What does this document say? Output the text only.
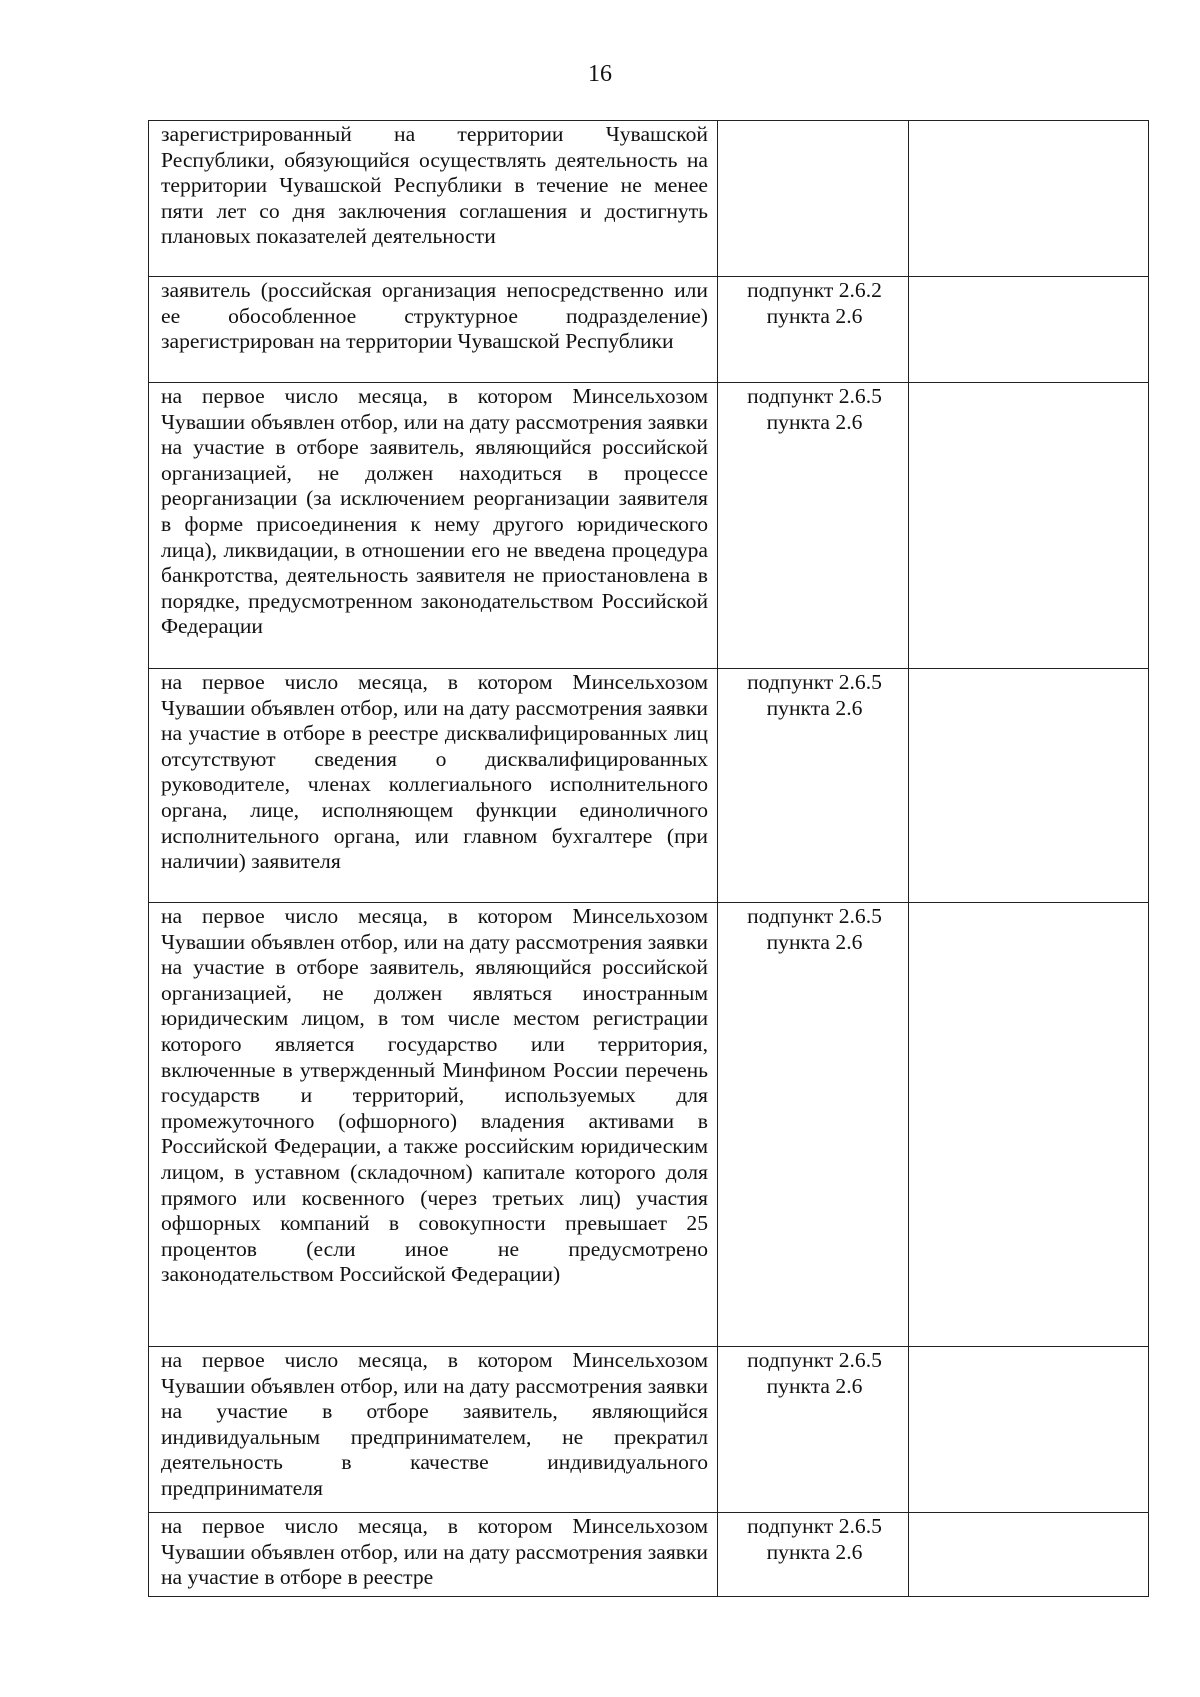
16
зарегистрированный на территории Чувашской Республики, обязующийся осуществлять деятельность на территории Чувашской Республики в течение не менее пяти лет со дня заключения соглашения и достигнуть плановых показателей деятельности	

заявитель (российская организация непосредственно или ее обособленное структурное подразделение) зарегистрирован на территории Чувашской Республики	подпункт 2.6.2
пункта 2.6	

на первое число месяца, в котором Минсельхозом Чувашии объявлен отбор, или на дату рассмотрения заявки на участие в отборе заявитель, являющийся российской организацией, не должен находиться в процессе реорганизации (за исключением реорганизации заявителя в форме присоединения к нему другого юридического лица), ликвидации, в отношении его не введена процедура банкротства, деятельность заявителя не приостановлена в порядке, предусмотренном законодательством Российской Федерации	подпункт 2.6.5
пункта 2.6	

на первое число месяца, в котором Минсельхозом Чувашии объявлен отбор, или на дату рассмотрения заявки на участие в отборе в реестре дисквалифицированных лиц отсутствуют сведения о дисквалифицированных руководителе, членах коллегиального исполнительного органа, лице, исполняющем функции единоличного исполнительного органа, или главном бухгалтере (при наличии) заявителя	подпункт 2.6.5
пункта 2.6	

на первое число месяца, в котором Минсельхозом Чувашии объявлен отбор, или на дату рассмотрения заявки на участие в отборе заявитель, являющийся российской организацией, не должен являться иностранным юридическим лицом, в том числе местом регистрации которого является государство или территория, включенные в утвержденный Минфином России перечень государств и территорий, используемых для промежуточного (офшорного) владения активами в Российской Федерации, а также российским юридическим лицом, в уставном (складочном) капитале которого доля прямого или косвенного (через третьих лиц) участия офшорных компаний в совокупности превышает 25 процентов (если иное не предусмотрено законодательством Российской Федерации)	подпункт 2.6.5
пункта 2.6	

на первое число месяца, в котором Минсельхозом Чувашии объявлен отбор, или на дату рассмотрения заявки на участие в отборе заявитель, являющийся индивидуальным предпринимателем, не прекратил деятельность в качестве индивидуального предпринимателя	подпункт 2.6.5
пункта 2.6	

на первое число месяца, в котором Минсельхозом Чувашии объявлен отбор, или на дату рассмотрения заявки на участие в отборе в реестре	подпункт 2.6.5
пункта 2.6	
